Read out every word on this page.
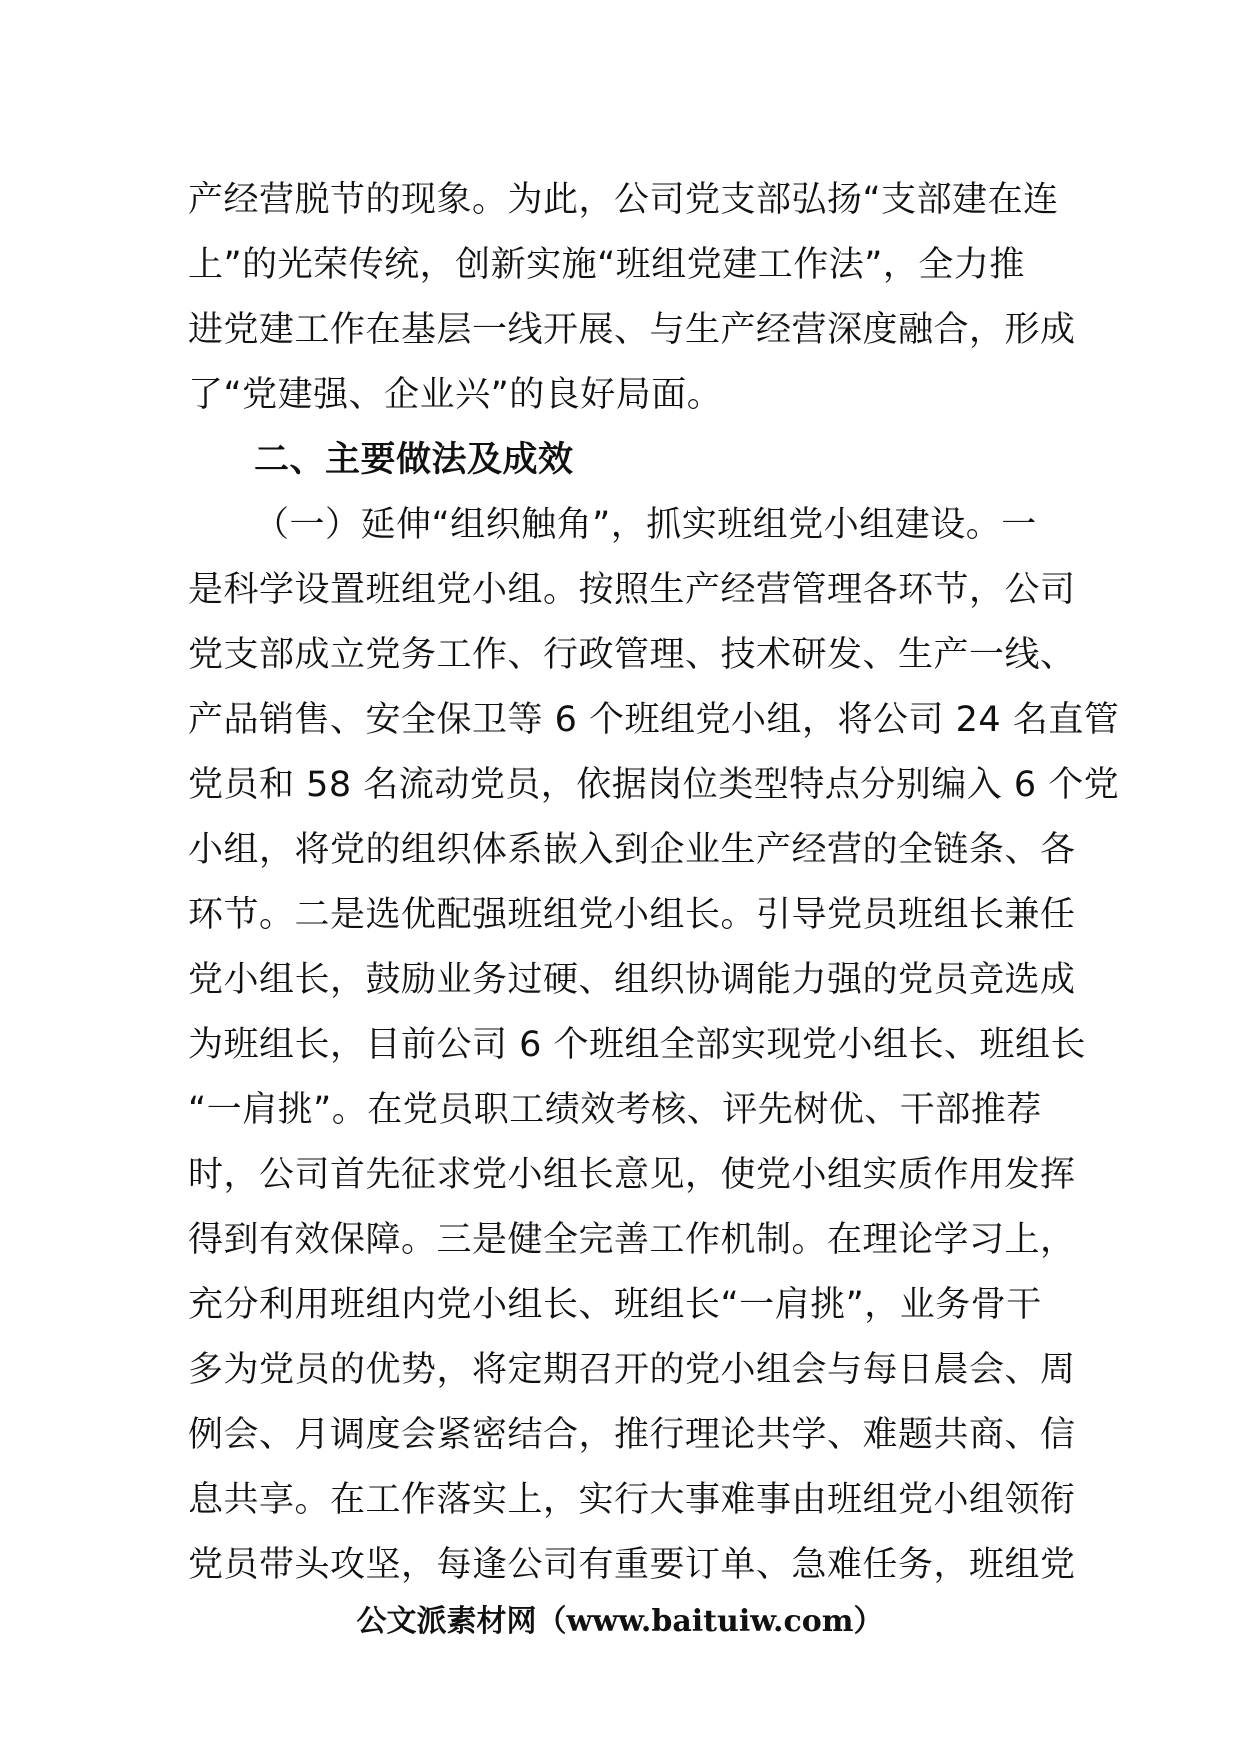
产经营脱节的现象。为此，公司党支部弘扬“支部建在连
上”的光荣传统，创新实施“班组党建工作法”，全力推
进党建工作在基层一线开展、与生产经营深度融合，形成
了“党建强、企业兴”的良好局面。
二、主要做法及成效
（一）延伸“组织触角”，抓实班组党小组建设。一
是科学设置班组党小组。按照生产经营管理各环节，公司
党支部成立党务工作、行政管理、技术研发、生产一线、
产品销售、安全保卫等 6 个班组党小组，将公司 24 名直管
党员和 58 名流动党员，依据岗位类型特点分别编入 6 个党
小组，将党的组织体系嵌入到企业生产经营的全链条、各
环节。二是选优配强班组党小组长。引导党员班组长兼任
党小组长，鼓励业务过硬、组织协调能力强的党员竞选成
为班组长，目前公司 6 个班组全部实现党小组长、班组长
“一肩挑”。在党员职工绩效考核、评先树优、干部推荐
时，公司首先征求党小组长意见，使党小组实质作用发挥
得到有效保障。三是健全完善工作机制。在理论学习上，
充分利用班组内党小组长、班组长“一肩挑”，业务骨干
多为党员的优势，将定期召开的党小组会与每日晨会、周
例会、月调度会紧密结合，推行理论共学、难题共商、信
息共享。在工作落实上，实行大事难事由班组党小组领衔
党员带头攻坚，每逢公司有重要订单、急难任务，班组党
公文派素材网（www.baituiw.com）
